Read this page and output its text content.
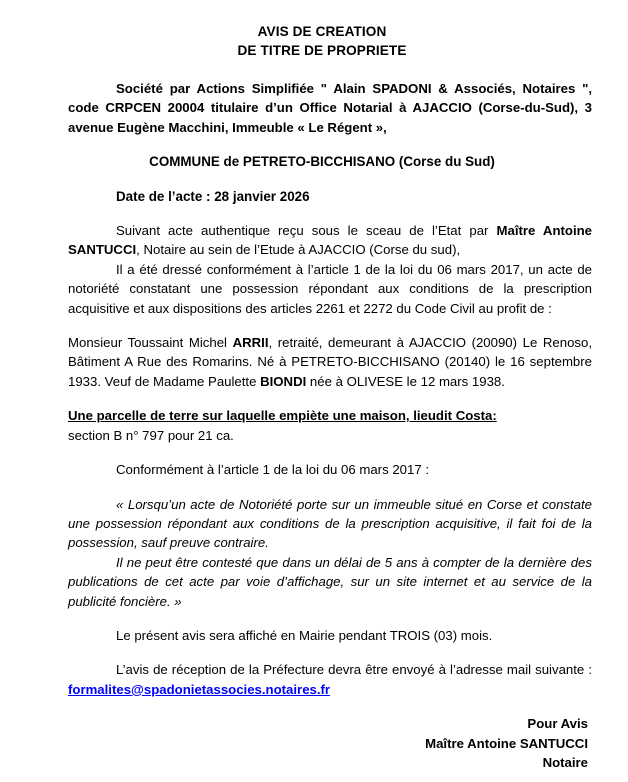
AVIS DE CREATION
DE TITRE DE PROPRIETE

Société par Actions Simplifiée " Alain SPADONI & Associés, Notaires ", code CRPCEN 20004 titulaire d’un Office Notarial à AJACCIO (Corse-du-Sud), 3 avenue Eugène Macchini, Immeuble « Le Régent »,

COMMUNE de PETRETO-BICCHISANO (Corse du Sud)

Date de l’acte : 28 janvier 2026

Suivant acte authentique reçu sous le sceau de l’Etat par Maître Antoine SANTUCCI, Notaire au sein de l’Etude à AJACCIO (Corse du sud),

Il a été dressé conformément à l’article 1 de la loi du 06 mars 2017, un acte de notoriété constatant une possession répondant aux conditions de la prescription acquisitive et aux dispositions des articles 2261 et 2272 du Code Civil au profit de :

Monsieur Toussaint Michel ARRII, retraité, demeurant à AJACCIO (20090) Le Renoso, Bâtiment A Rue des Romarins. Né à PETRETO-BICCHISANO (20140) le 16 septembre 1933. Veuf de Madame Paulette BIONDI née à OLIVESE le 12 mars 1938.

Une parcelle de terre sur laquelle empiète une maison, lieudit Costa:

section B n° 797 pour 21 ca.

Conformément à l’article 1 de la loi du 06 mars 2017 :

« Lorsqu’un acte de Notoriété porte sur un immeuble situé en Corse et constate une possession répondant aux conditions de la prescription acquisitive, il fait foi de la possession, sauf preuve contraire.

Il ne peut être contesté que dans un délai de 5 ans à compter de la dernière des publications de cet acte par voie d’affichage, sur un site internet et au service de la publicité foncière. »

Le présent avis sera affiché en Mairie pendant TROIS (03) mois.

L’avis de réception de la Préfecture devra être envoyé à l’adresse mail suivante : formalites@spadonietassocies.notaires.fr

Pour Avis
Maître Antoine SANTUCCI
Notaire
